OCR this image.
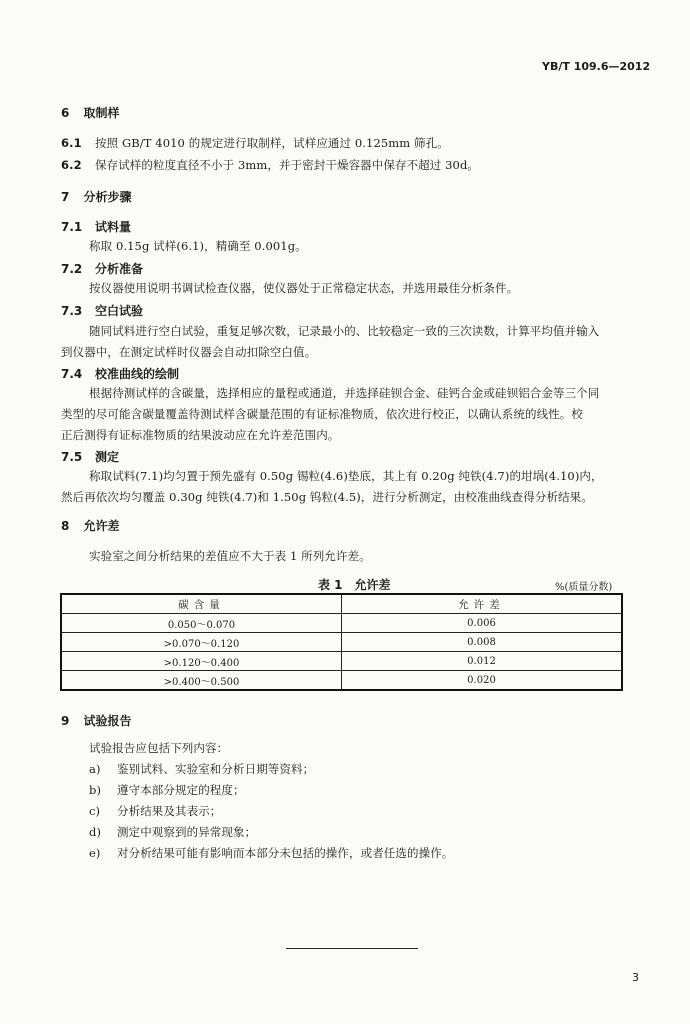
YB/T 109.6—2012
6 取制样
6.1 按照 GB/T 4010 的规定进行取制样，试样应通过 0.125mm 筛孔。
6.2 保存试样的粒度直径不小于 3mm，并于密封干燥容器中保存不超过 30d。
7 分析步骤
7.1 试料量
称取 0.15g 试样(6.1)，精确至 0.001g。
7.2 分析准备
按仪器使用说明书调试检查仪器，使仪器处于正常稳定状态，并选用最佳分析条件。
7.3 空白试验
随同试料进行空白试验，重复足够次数，记录最小的、比较稳定一致的三次读数，计算平均值并输入
到仪器中，在测定试样时仪器会自动扣除空白值。
7.4 校准曲线的绘制
根据待测试样的含碳量，选择相应的量程或通道，并选择硅钡合金、硅钙合金或硅钡铝合金等三个同
类型的尽可能含碳量覆盖待测试样含碳量范围的有证标准物质，依次进行校正，以确认系统的线性。校
正后测得有证标准物质的结果波动应在允许差范围内。
7.5 测定
称取试料(7.1)均匀置于预先盛有 0.50g 锡粒(4.6)垫底，其上有 0.20g 纯铁(4.7)的坩埚(4.10)内，
然后再依次均匀覆盖 0.30g 纯铁(4.7)和 1.50g 钨粒(4.5)，进行分析测定，由校准曲线查得分析结果。
8 允许差
实验室之间分析结果的差值应不大于表 1 所列允许差。
表 1　允许差	%(质量分数)
碳含量	允许差
0.050～0.070	0.006
>0.070～0.120	0.008
>0.120～0.400	0.012
>0.400～0.500	0.020
9 试验报告
试验报告应包括下列内容：
a) 鉴别试料、实验室和分析日期等资料；
b) 遵守本部分规定的程度；
c) 分析结果及其表示；
d) 测定中观察到的异常现象；
e) 对分析结果可能有影响而本部分未包括的操作，或者任选的操作。
3
